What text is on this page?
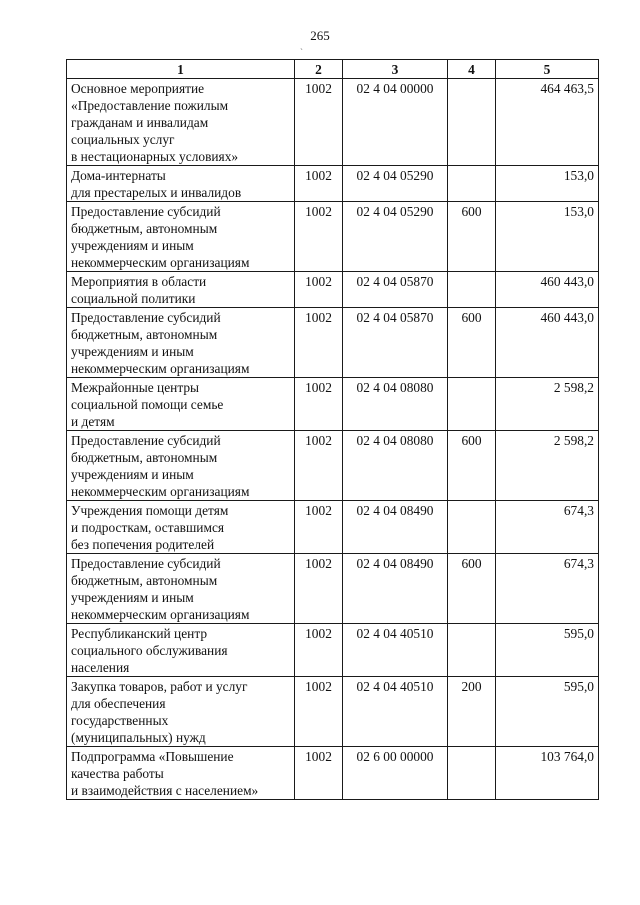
265
ˏ
1	2	3	4	5
Основное мероприятие
«Предоставление пожилым
гражданам и инвалидам
социальных услуг
в нестационарных условиях»	1002	02 4 04 00000		464 463,5
Дома-интернаты
для престарелых и инвалидов	1002	02 4 04 05290		153,0
Предоставление субсидий
бюджетным, автономным
учреждениям и иным
некоммерческим организациям	1002	02 4 04 05290	600	153,0
Мероприятия в области
социальной политики	1002	02 4 04 05870		460 443,0
Предоставление субсидий
бюджетным, автономным
учреждениям и иным
некоммерческим организациям	1002	02 4 04 05870	600	460 443,0
Межрайонные центры
социальной помощи семье
и детям	1002	02 4 04 08080		2 598,2
Предоставление субсидий
бюджетным, автономным
учреждениям и иным
некоммерческим организациям	1002	02 4 04 08080	600	2 598,2
Учреждения помощи детям
и подросткам, оставшимся
без попечения родителей	1002	02 4 04 08490		674,3
Предоставление субсидий
бюджетным, автономным
учреждениям и иным
некоммерческим организациям	1002	02 4 04 08490	600	674,3
Республиканский центр
социального обслуживания
населения	1002	02 4 04 40510		595,0
Закупка товаров, работ и услуг
для обеспечения
государственных
(муниципальных) нужд	1002	02 4 04 40510	200	595,0
Подпрограмма «Повышение
качества работы
и взаимодействия с населением»	1002	02 6 00 00000		103 764,0
